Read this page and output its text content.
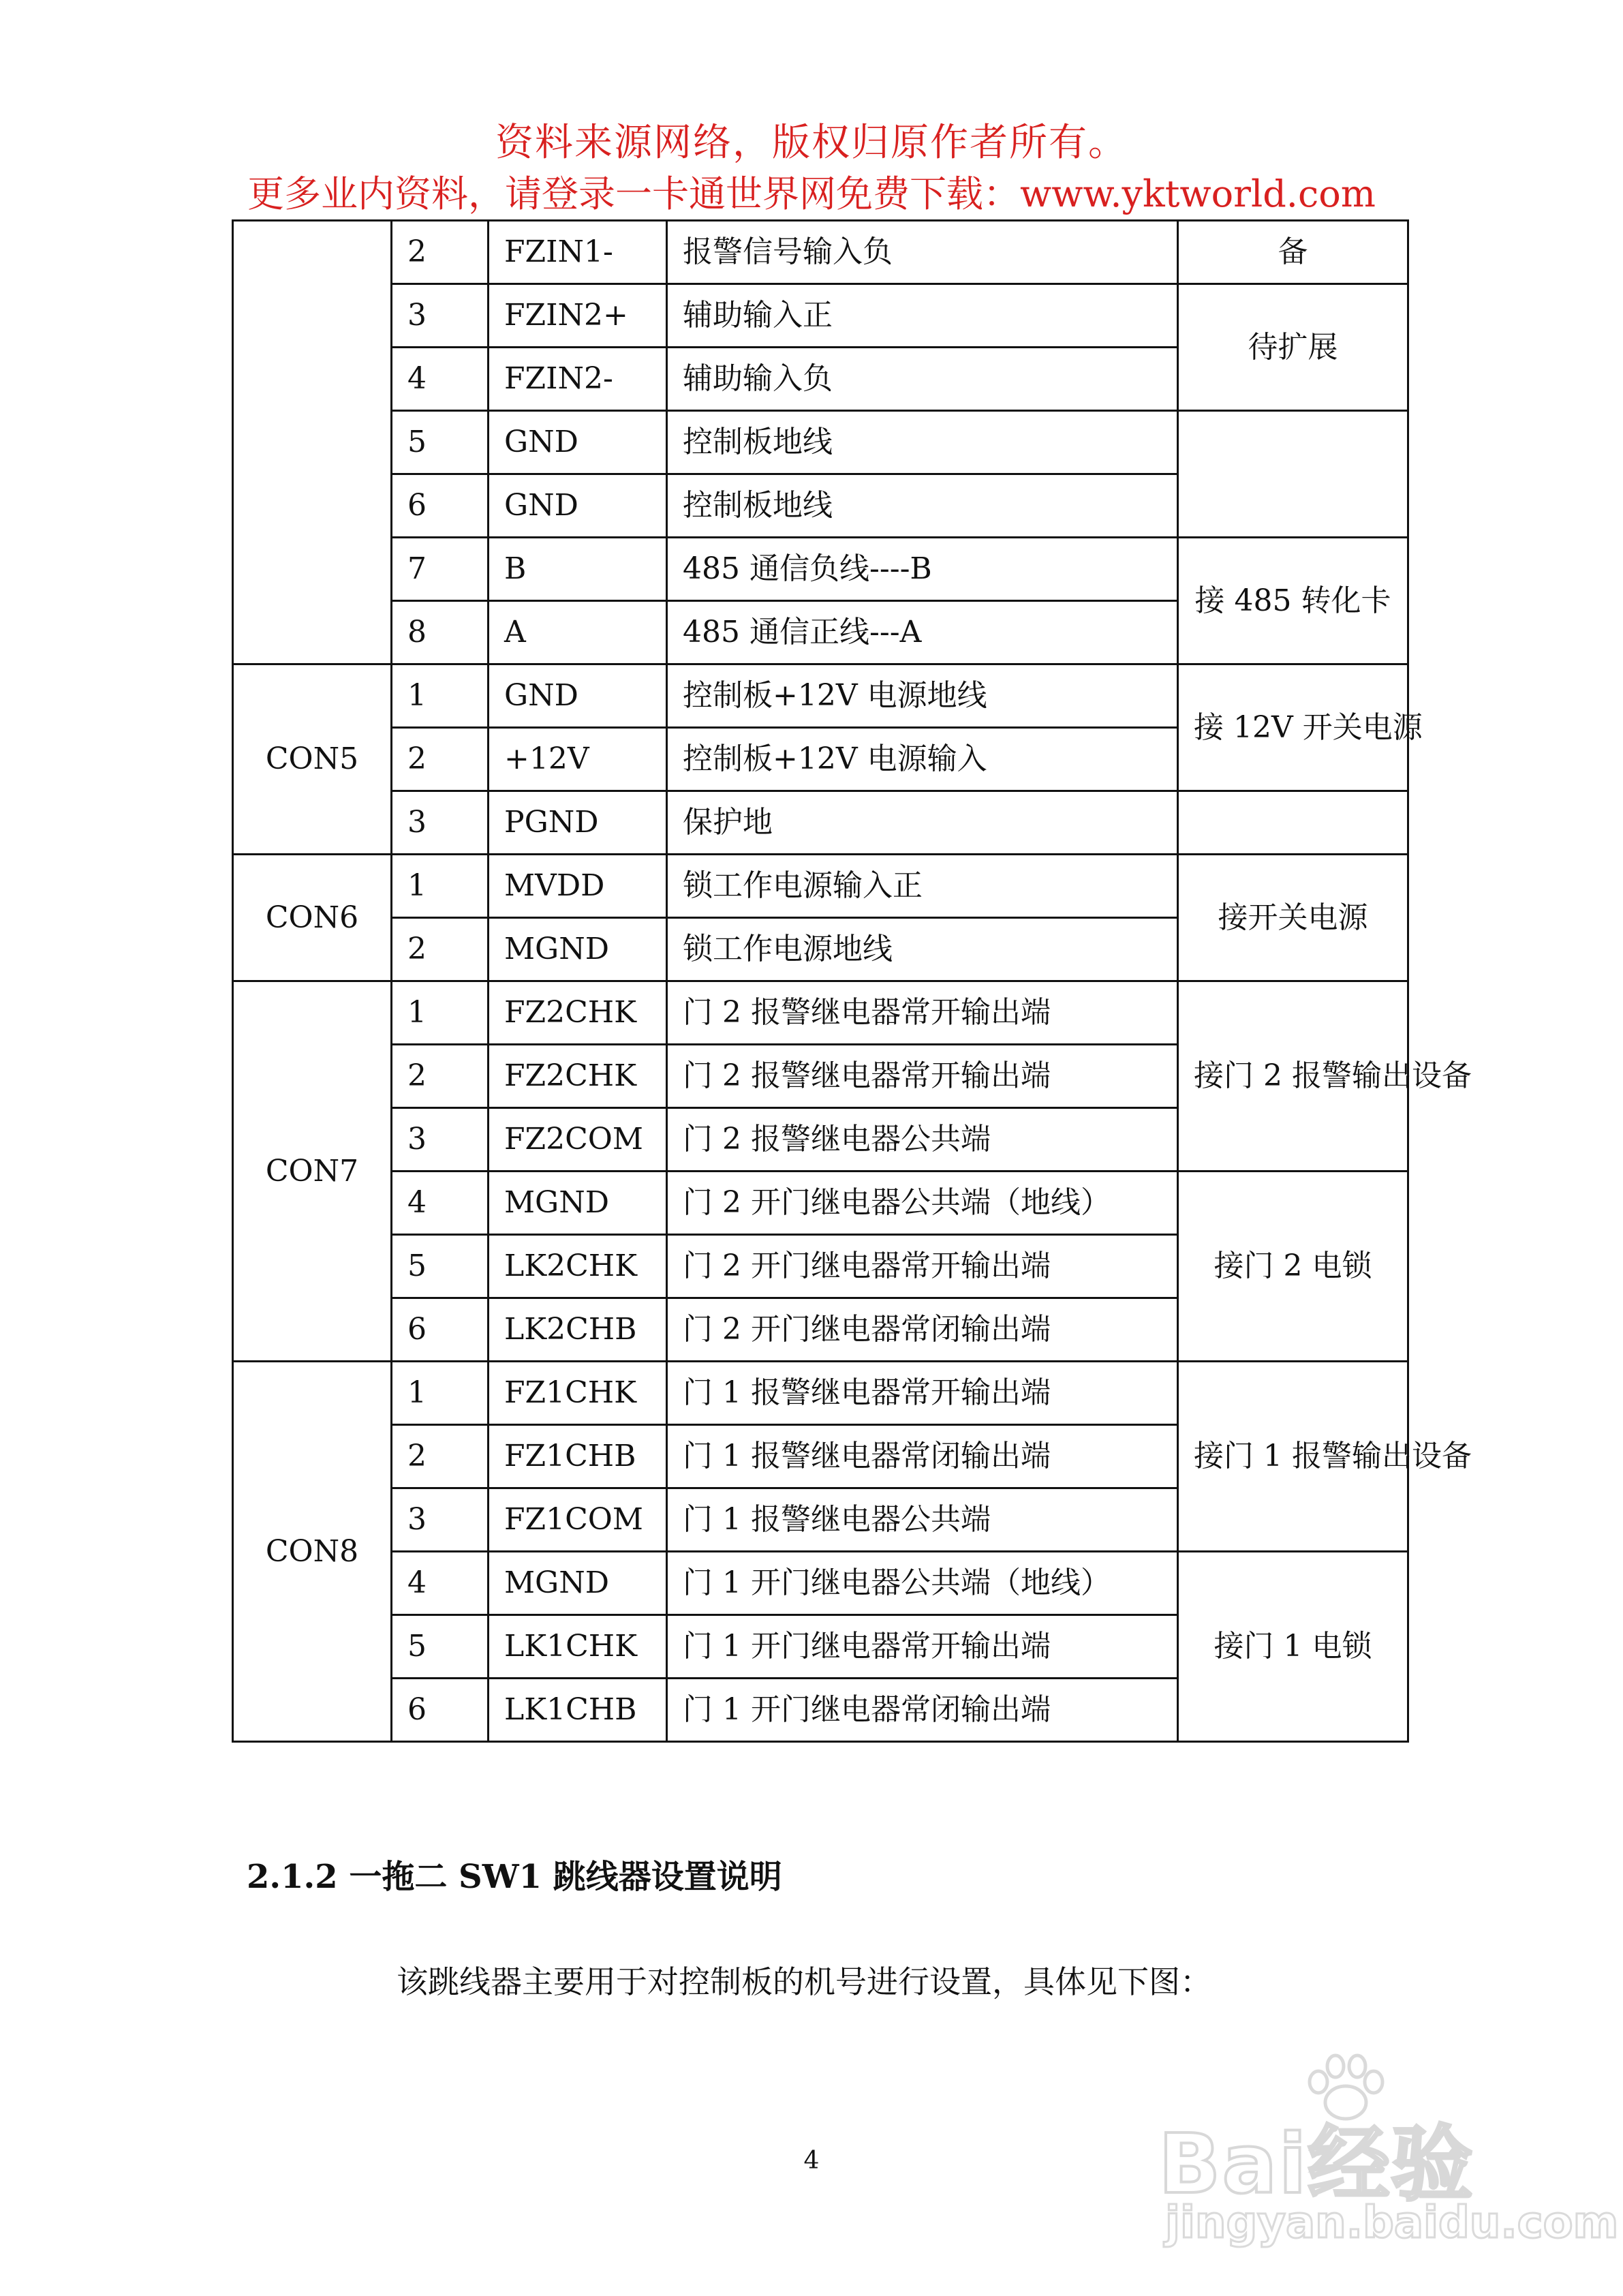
资料来源网络，版权归原作者所有。
更多业内资料，请登录一卡通世界网免费下载：www.yktworld.com
	2	FZIN1-	报警信号输入负	备
	3	FZIN2+	辅助输入正	待扩展
	4	FZIN2-	辅助输入负	
	5	GND	控制板地线	
	6	GND	控制板地线	
	7	B	485 通信负线----B	接 485 转化卡
	8	A	485 通信正线---A	
CON5	1	GND	控制板+12V 电源地线	接 12V 开关电源
	2	+12V	控制板+12V 电源输入	
	3	PGND	保护地	
CON6	1	MVDD	锁工作电源输入正	接开关电源
	2	MGND	锁工作电源地线	
CON7	1	FZ2CHK	门 2 报警继电器常开输出端	接门 2 报警输出设备
	2	FZ2CHK	门 2 报警继电器常开输出端	
	3	FZ2COM	门 2 报警继电器公共端	
	4	MGND	门 2 开门继电器公共端（地线）	接门 2 电锁
	5	LK2CHK	门 2 开门继电器常开输出端	
	6	LK2CHB	门 2 开门继电器常闭输出端	
CON8	1	FZ1CHK	门 1 报警继电器常开输出端	接门 1 报警输出设备
	2	FZ1CHB	门 1 报警继电器常闭输出端	
	3	FZ1COM	门 1 报警继电器公共端	
	4	MGND	门 1 开门继电器公共端（地线）	接门 1 电锁
	5	LK1CHK	门 1 开门继电器常开输出端	
	6	LK1CHB	门 1 开门继电器常闭输出端	
2.1.2 一拖二 SW1 跳线器设置说明
该跳线器主要用于对控制板的机号进行设置，具体见下图：
4	Bai经验
jingyan.baidu.com
